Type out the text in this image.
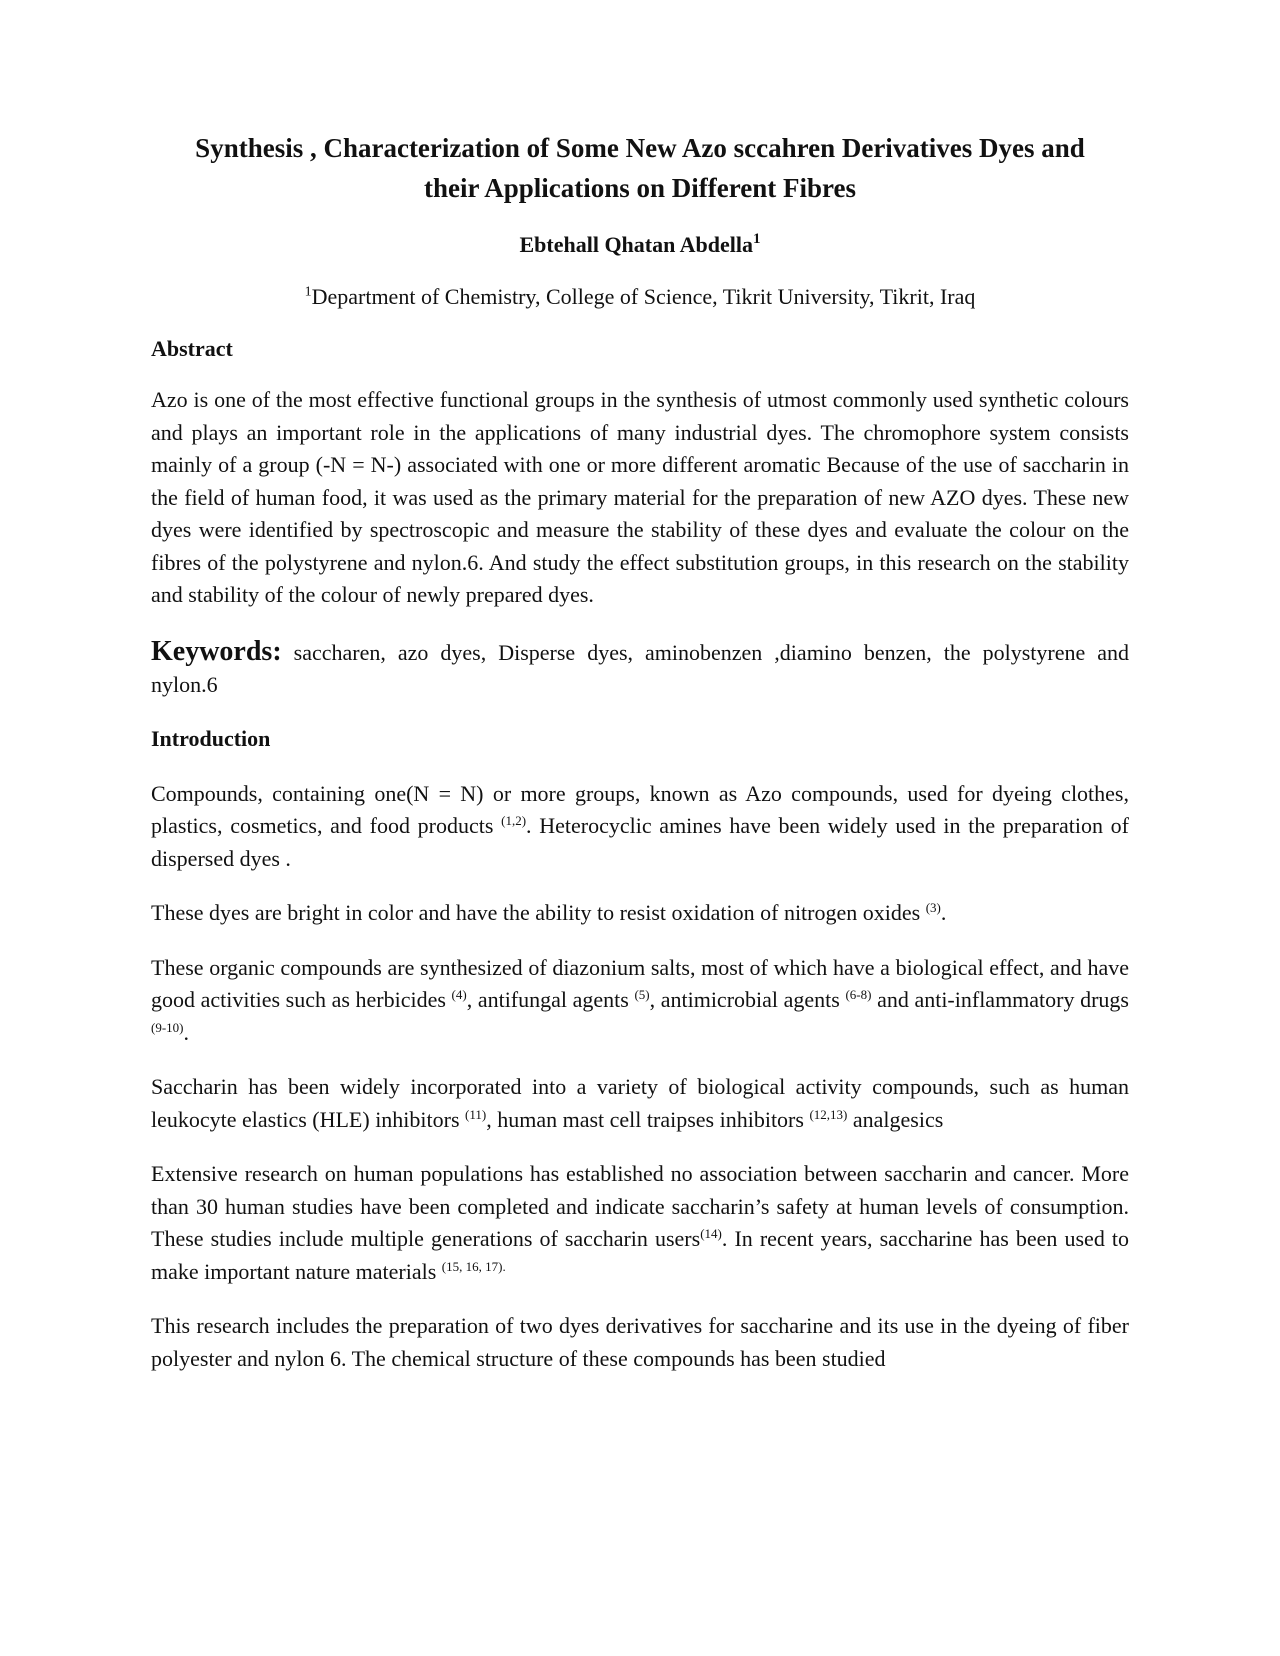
Synthesis , Characterization of Some New Azo sccahren Derivatives Dyes and
their Applications on Different Fibres
Ebtehall Qhatan Abdella$^1$
$^1$Department of Chemistry, College of Science, Tikrit University, Tikrit, Iraq
Abstract

Azo is one of the most effective functional groups in the synthesis of utmost commonly used synthetic colours and plays an important role in the applications of many industrial dyes. The chromophore system consists mainly of a group (-N = N-) associated with one or more different aromatic Because of the use of saccharin in the field of human food, it was used as the primary material for the preparation of new AZO dyes. These new dyes were identified by spectroscopic and measure the stability of these dyes and evaluate the colour on the fibres of the polystyrene and nylon.6. And study the effect substitution groups, in this research on the stability and stability of the colour of newly prepared dyes.

Keywords: saccharen, azo dyes, Disperse dyes, aminobenzen ,diamino benzen, the polystyrene and nylon.6

Introduction

Compounds, containing one(N = N) or more groups, known as Azo compounds, used for dyeing clothes, plastics, cosmetics, and food products $^{(1,2)}$. Heterocyclic amines have been widely used in the preparation of dispersed dyes .

These dyes are bright in color and have the ability to resist oxidation of nitrogen oxides $^{(3)}$.

These organic compounds are synthesized of diazonium salts, most of which have a biological effect, and have good activities such as herbicides $^{(4)}$, antifungal agents $^{(5)}$, antimicrobial agents $^{(6-8)}$ and anti-inflammatory drugs $^{(9-10)}$.

Saccharin has been widely incorporated into a variety of biological activity compounds, such as human leukocyte elastics (HLE) inhibitors $^{(11)}$, human mast cell traipses inhibitors $^{(12,13)}$ analgesics

Extensive research on human populations has established no association between saccharin and cancer. More than 30 human studies have been completed and indicate saccharin’s safety at human levels of consumption. These studies include multiple generations of saccharin users$^{(14)}$. In recent years, saccharine has been used to make important nature materials $^{(15, 16, 17).}$

This research includes the preparation of two dyes derivatives for saccharine and its use in the dyeing of fiber polyester and nylon 6. The chemical structure of these compounds has been studied
